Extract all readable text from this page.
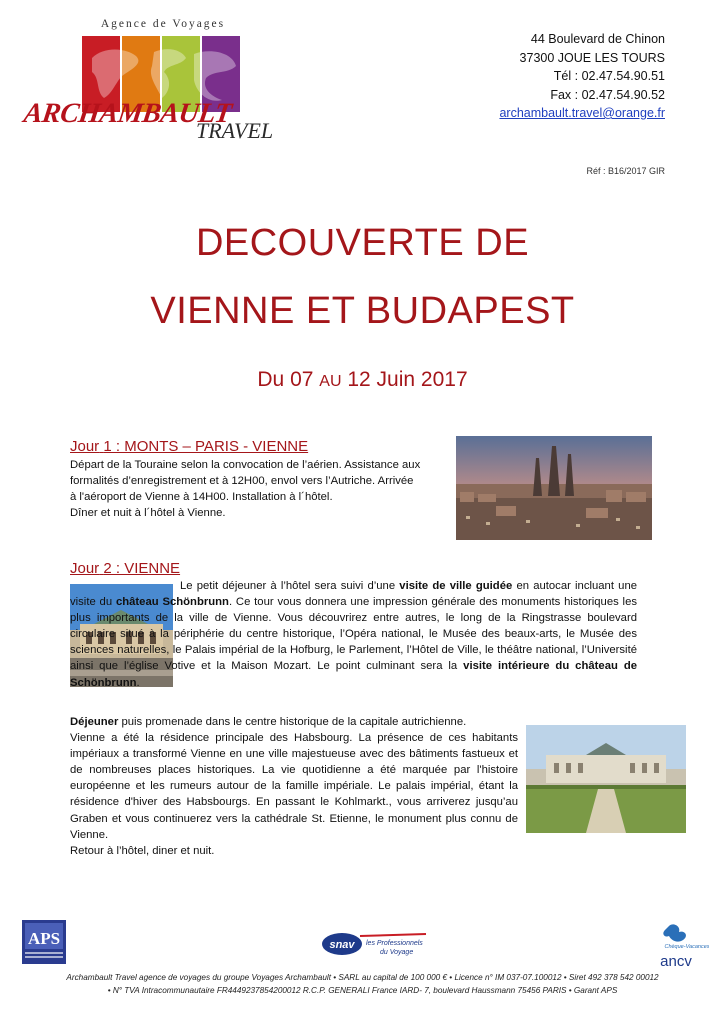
Agence de Voyages
ARCHAMBAULT
TRAVEL
44 Boulevard de Chinon
37300 JOUE LES TOURS
Tél : 02.47.54.90.51
Fax : 02.47.54.90.52
archambault.travel@orange.fr
Réf : B16/2017 GIR
DECOUVERTE DE
VIENNE ET BUDAPEST
Du 07 AU 12 Juin 2017
Jour 1 : MONTS – PARIS - VIENNE

Départ de la Touraine selon la convocation de l’aérien. Assistance aux

formalités d’enregistrement et à 12H00, envol vers l’Autriche. Arrivée

à l'aéroport de Vienne à 14H00. Installation à l´hôtel.

Dîner et nuit à l´hôtel à Vienne.

Jour 2 : VIENNE

Le petit déjeuner à l’hôtel sera suivi d’une visite de ville guidée en autocar incluant une visite du château Schönbrunn. Ce tour vous donnera une impression générale des monuments historiques les plus importants de la ville de Vienne. Vous découvrirez entre autres, le long de la Ringstrasse boulevard circulaire situé à la périphérie du centre historique, l’Opéra national, le Musée des beaux-arts, le Musée des sciences naturelles, le Palais impérial de la Hofburg, le Parlement, l’Hôtel de Ville, le théâtre national, l’Université ainsi que l’église Votive et la Maison Mozart. Le point culminant sera la visite intérieure du château de Schönbrunn.

Déjeuner puis promenade dans le centre historique de la capitale autrichienne.

Vienne a été la résidence principale des Habsbourg. La présence de ces habitants impériaux a transformé Vienne en une ville majestueuse avec des bâtiments fastueux et de nombreuses places historiques. La vie quotidienne a été marquée par l'histoire européenne et les rumeurs autour de la famille impériale. Le palais impérial, étant la résidence d'hiver des Habsbourgs. En passant le Kohlmarkt., vous arriverez jusqu’au Graben et vous continuerez vers la cathédrale St. Etienne, le monument plus connu de Vienne.

Retour à l’hôtel, diner et nuit.

APS	snav les Professionnels
du Voyage
Chèque-Vacances
ancv
Archambault Travel agence de voyages du groupe Voyages Archambault • SARL au capital de 100 000 € • Licence n° IM 037-07.100012 • Siret 492 378 542 00012
• N° TVA Intracommunautaire FR4449237854200012 R.C.P. GENERALI France IARD- 7, boulevard Haussmann 75456 PARIS • Garant APS
